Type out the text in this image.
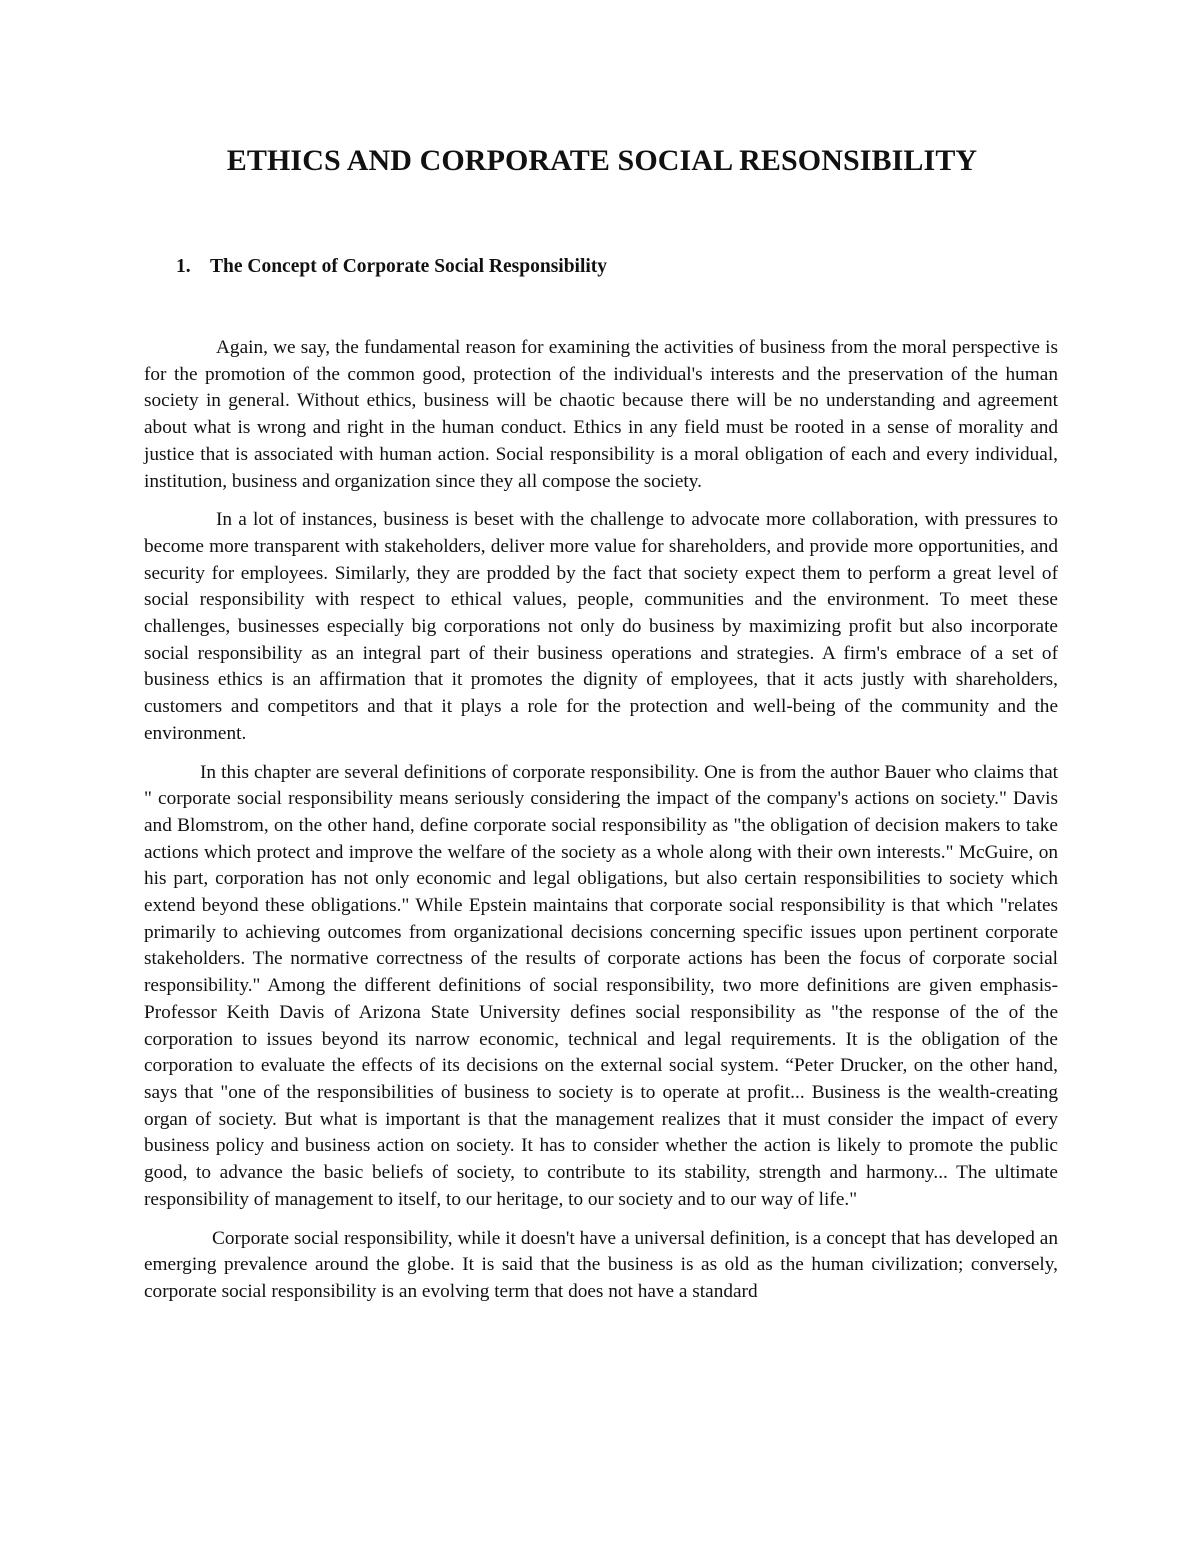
ETHICS AND CORPORATE SOCIAL RESONSIBILITY
1. The Concept of Corporate Social Responsibility

Again, we say, the fundamental reason for examining the activities of business from the moral perspective is for the promotion of the common good, protection of the individual's interests and the preservation of the human society in general. Without ethics, business will be chaotic because there will be no understanding and agreement about what is wrong and right in the human conduct. Ethics in any field must be rooted in a sense of morality and justice that is associated with human action. Social responsibility is a moral obligation of each and every individual, institution, business and organization since they all compose the society.

In a lot of instances, business is beset with the challenge to advocate more collaboration, with pressures to become more transparent with stakeholders, deliver more value for shareholders, and provide more opportunities, and security for employees. Similarly, they are prodded by the fact that society expect them to perform a great level of social responsibility with respect to ethical values, people, communities and the environment. To meet these challenges, businesses especially big corporations not only do business by maximizing profit but also incorporate social responsibility as an integral part of their business operations and strategies. A firm's embrace of a set of business ethics is an affirmation that it promotes the dignity of employees, that it acts justly with shareholders, customers and competitors and that it plays a role for the protection and well-being of the community and the environment.

In this chapter are several definitions of corporate responsibility. One is from the author Bauer who claims that " corporate social responsibility means seriously considering the impact of the company's actions on society." Davis and Blomstrom, on the other hand, define corporate social responsibility as "the obligation of decision makers to take actions which protect and improve the welfare of the society as a whole along with their own interests." McGuire, on his part, corporation has not only economic and legal obligations, but also certain responsibilities to society which extend beyond these obligations." While Epstein maintains that corporate social responsibility is that which "relates primarily to achieving outcomes from organizational decisions concerning specific issues upon pertinent corporate stakeholders. The normative correctness of the results of corporate actions has been the focus of corporate social responsibility." Among the different definitions of social responsibility, two more definitions are given emphasis-Professor Keith Davis of Arizona State University defines social responsibility as "the response of the of the corporation to issues beyond its narrow economic, technical and legal requirements. It is the obligation of the corporation to evaluate the effects of its decisions on the external social system. “Peter Drucker, on the other hand, says that "one of the responsibilities of business to society is to operate at profit... Business is the wealth-creating organ of society. But what is important is that the management realizes that it must consider the impact of every business policy and business action on society. It has to consider whether the action is likely to promote the public good, to advance the basic beliefs of society, to contribute to its stability, strength and harmony... The ultimate responsibility of management to itself, to our heritage, to our society and to our way of life."

Corporate social responsibility, while it doesn't have a universal definition, is a concept that has developed an emerging prevalence around the globe. It is said that the business is as old as the human civilization; conversely, corporate social responsibility is an evolving term that does not have a standard
